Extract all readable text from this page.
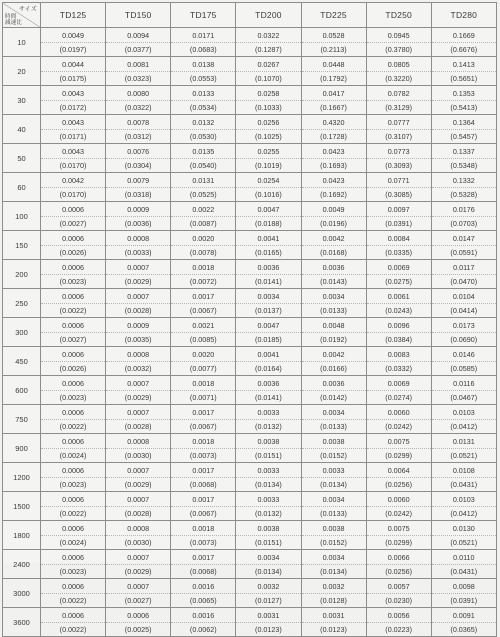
サイズ
時間
減速比	TD125	TD150	TD175	TD200	TD225	TD250	TD280
10	0.0049	0.0094	0.0171	0.0322	0.0528	0.0945	0.1669
	(0.0197)	(0.0377)	(0.0683)	(0.1287)	(0.2113)	(0.3780)	(0.6676)
20	0.0044	0.0081	0.0138	0.0267	0.0448	0.0805	0.1413
	(0.0175)	(0.0323)	(0.0553)	(0.1070)	(0.1792)	(0.3220)	(0.5651)
30	0.0043	0.0080	0.0133	0.0258	0.0417	0.0782	0.1353
	(0.0172)	(0.0322)	(0.0534)	(0.1033)	(0.1667)	(0.3129)	(0.5413)
40	0.0043	0.0078	0.0132	0.0256	0.4320	0.0777	0.1364
	(0.0171)	(0.0312)	(0.0530)	(0.1025)	(0.1728)	(0.3107)	(0.5457)
50	0.0043	0.0076	0.0135	0.0255	0.0423	0.0773	0.1337
	(0.0170)	(0.0304)	(0.0540)	(0.1019)	(0.1693)	(0.3093)	(0.5348)
60	0.0042	0.0079	0.0131	0.0254	0.0423	0.0771	0.1332
	(0.0170)	(0.0318)	(0.0525)	(0.1016)	(0.1692)	(0.3085)	(0.5328)
100	0.0006	0.0009	0.0022	0.0047	0.0049	0.0097	0.0176
	(0.0027)	(0.0036)	(0.0087)	(0.0188)	(0.0196)	(0.0391)	(0.0703)
150	0.0006	0.0008	0.0020	0.0041	0.0042	0.0084	0.0147
	(0.0026)	(0.0033)	(0.0078)	(0.0165)	(0.0168)	(0.0335)	(0.0591)
200	0.0006	0.0007	0.0018	0.0036	0.0036	0.0069	0.0117
	(0.0023)	(0.0029)	(0.0072)	(0.0141)	(0.0143)	(0.0275)	(0.0470)
250	0.0006	0.0007	0.0017	0.0034	0.0034	0.0061	0.0104
	(0.0022)	(0.0028)	(0.0067)	(0.0137)	(0.0133)	(0.0243)	(0.0414)
300	0.0006	0.0009	0.0021	0.0047	0.0048	0.0096	0.0173
	(0.0027)	(0.0035)	(0.0085)	(0.0185)	(0.0192)	(0.0384)	(0.0690)
450	0.0006	0.0008	0.0020	0.0041	0.0042	0.0083	0.0146
	(0.0026)	(0.0032)	(0.0077)	(0.0164)	(0.0166)	(0.0332)	(0.0585)
600	0.0006	0.0007	0.0018	0.0036	0.0036	0.0069	0.0116
	(0.0023)	(0.0029)	(0.0071)	(0.0141)	(0.0142)	(0.0274)	(0.0467)
750	0.0006	0.0007	0.0017	0.0033	0.0034	0.0060	0.0103
	(0.0022)	(0.0028)	(0.0067)	(0.0132)	(0.0133)	(0.0242)	(0.0412)
900	0.0006	0.0008	0.0018	0.0038	0.0038	0.0075	0.0131
	(0.0024)	(0.0030)	(0.0073)	(0.0151)	(0.0152)	(0.0299)	(0.0521)
1200	0.0006	0.0007	0.0017	0.0033	0.0033	0.0064	0.0108
	(0.0023)	(0.0029)	(0.0068)	(0.0134)	(0.0134)	(0.0256)	(0.0431)
1500	0.0006	0.0007	0.0017	0.0033	0.0034	0.0060	0.0103
	(0.0022)	(0.0028)	(0.0067)	(0.0132)	(0.0133)	(0.0242)	(0.0412)
1800	0.0006	0.0008	0.0018	0.0038	0.0038	0.0075	0.0130
	(0.0024)	(0.0030)	(0.0073)	(0.0151)	(0.0152)	(0.0299)	(0.0521)
2400	0.0006	0.0007	0.0017	0.0034	0.0034	0.0066	0.0110
	(0.0023)	(0.0029)	(0.0068)	(0.0134)	(0.0134)	(0.0256)	(0.0431)
3000	0.0006	0.0007	0.0016	0.0032	0.0032	0.0057	0.0098
	(0.0022)	(0.0027)	(0.0065)	(0.0127)	(0.0128)	(0.0230)	(0.0391)
3600	0.0006	0.0006	0.0016	0.0031	0.0031	0.0056	0.0091
	(0.0022)	(0.0025)	(0.0062)	(0.0123)	(0.0123)	(0.0223)	(0.0365)
